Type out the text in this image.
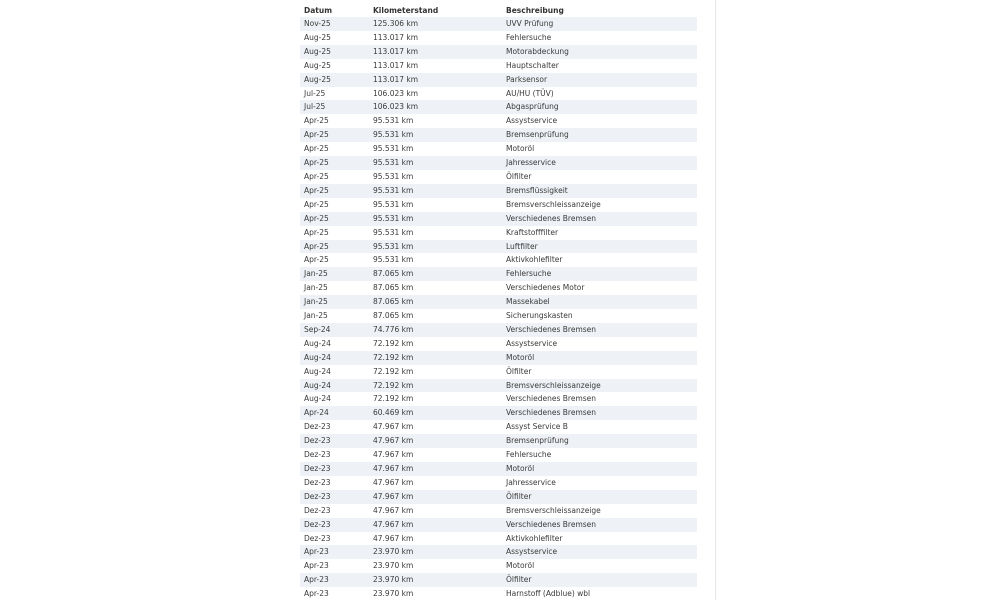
Datum	Kilometerstand	Beschreibung
Nov-25	125.306 km	UVV Prüfung
Aug-25	113.017 km	Fehlersuche
Aug-25	113.017 km	Motorabdeckung
Aug-25	113.017 km	Hauptschalter
Aug-25	113.017 km	Parksensor
Jul-25	106.023 km	AU/HU (TÜV)
Jul-25	106.023 km	Abgasprüfung
Apr-25	95.531 km	Assystservice
Apr-25	95.531 km	Bremsenprüfung
Apr-25	95.531 km	Motoröl
Apr-25	95.531 km	Jahresservice
Apr-25	95.531 km	Ölfilter
Apr-25	95.531 km	Bremsflüssigkeit
Apr-25	95.531 km	Bremsverschleissanzeige
Apr-25	95.531 km	Verschiedenes Bremsen
Apr-25	95.531 km	Kraftstofffilter
Apr-25	95.531 km	Luftfilter
Apr-25	95.531 km	Aktivkohlefilter
Jan-25	87.065 km	Fehlersuche
Jan-25	87.065 km	Verschiedenes Motor
Jan-25	87.065 km	Massekabel
Jan-25	87.065 km	Sicherungskasten
Sep-24	74.776 km	Verschiedenes Bremsen
Aug-24	72.192 km	Assystservice
Aug-24	72.192 km	Motoröl
Aug-24	72.192 km	Ölfilter
Aug-24	72.192 km	Bremsverschleissanzeige
Aug-24	72.192 km	Verschiedenes Bremsen
Apr-24	60.469 km	Verschiedenes Bremsen
Dez-23	47.967 km	Assyst Service B
Dez-23	47.967 km	Bremsenprüfung
Dez-23	47.967 km	Fehlersuche
Dez-23	47.967 km	Motoröl
Dez-23	47.967 km	Jahresservice
Dez-23	47.967 km	Ölfilter
Dez-23	47.967 km	Bremsverschleissanzeige
Dez-23	47.967 km	Verschiedenes Bremsen
Dez-23	47.967 km	Aktivkohlefilter
Apr-23	23.970 km	Assystservice
Apr-23	23.970 km	Motoröl
Apr-23	23.970 km	Ölfilter
Apr-23	23.970 km	Harnstoff (Adblue) wbl
